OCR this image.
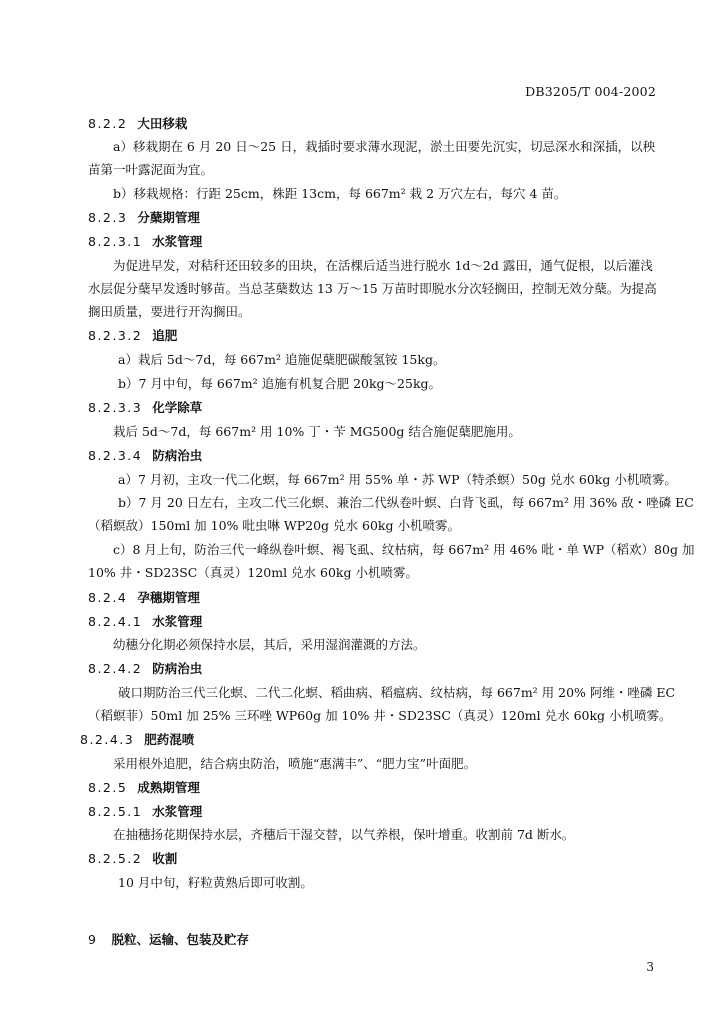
DB3205/T 004-2002
8.2.2 大田移栽
a）移栽期在 6 月 20 日～25 日，栽插时要求薄水现泥，淤土田要先沉实，切忌深水和深插，以秧
苗第一叶露泥面为宜。
b）移栽规格：行距 25cm，株距 13cm，每 667m² 栽 2 万穴左右，每穴 4 苗。
8.2.3 分蘖期管理
8.2.3.1 水浆管理
为促进早发，对秸秆还田较多的田块，在活棵后适当进行脱水 1d～2d 露田，通气促根，以后灌浅
水层促分蘖早发透时够苗。当总茎蘖数达 13 万～15 万苗时即脱水分次轻搁田，控制无效分蘖。为提高
搁田质量，要进行开沟搁田。
8.2.3.2 追肥
a）栽后 5d～7d，每 667m² 追施促蘖肥碳酸氢铵 15kg。
b）7 月中旬，每 667m² 追施有机复合肥 20kg～25kg。
8.2.3.3 化学除草
栽后 5d～7d，每 667m² 用 10% 丁・苄 MG500g 结合施促蘖肥施用。
8.2.3.4 防病治虫
a）7 月初，主攻一代二化螟，每 667m² 用 55% 单・苏 WP（特杀螟）50g 兑水 60kg 小机喷雾。
b）7 月 20 日左右，主攻二代三化螟、兼治二代纵卷叶螟、白背飞虱，每 667m² 用 36% 敌・唑磷 EC
（稻螟敌）150ml 加 10% 吡虫啉 WP20g 兑水 60kg 小机喷雾。
c）8 月上旬，防治三代一峰纵卷叶螟、褐飞虱、纹枯病，每 667m² 用 46% 吡・单 WP（稻欢）80g 加
10% 井・SD23SC（真灵）120ml 兑水 60kg 小机喷雾。
8.2.4 孕穗期管理
8.2.4.1 水浆管理
幼穗分化期必须保持水层，其后，采用湿润灌溉的方法。
8.2.4.2 防病治虫
破口期防治三代三化螟、二代二化螟、稻曲病、稻瘟病、纹枯病，每 667m² 用 20% 阿维・唑磷 EC
（稻螟菲）50ml 加 25% 三环唑 WP60g 加 10% 井・SD23SC（真灵）120ml 兑水 60kg 小机喷雾。
8.2.4.3 肥药混喷
采用根外追肥，结合病虫防治，喷施“惠满丰”、“肥力宝”叶面肥。
8.2.5 成熟期管理
8.2.5.1 水浆管理
在抽穗扬花期保持水层，齐穗后干湿交替，以气养根，保叶增重。收割前 7d 断水。
8.2.5.2 收割
10 月中旬，籽粒黄熟后即可收割。
9 脱粒、运输、包装及贮存
3
